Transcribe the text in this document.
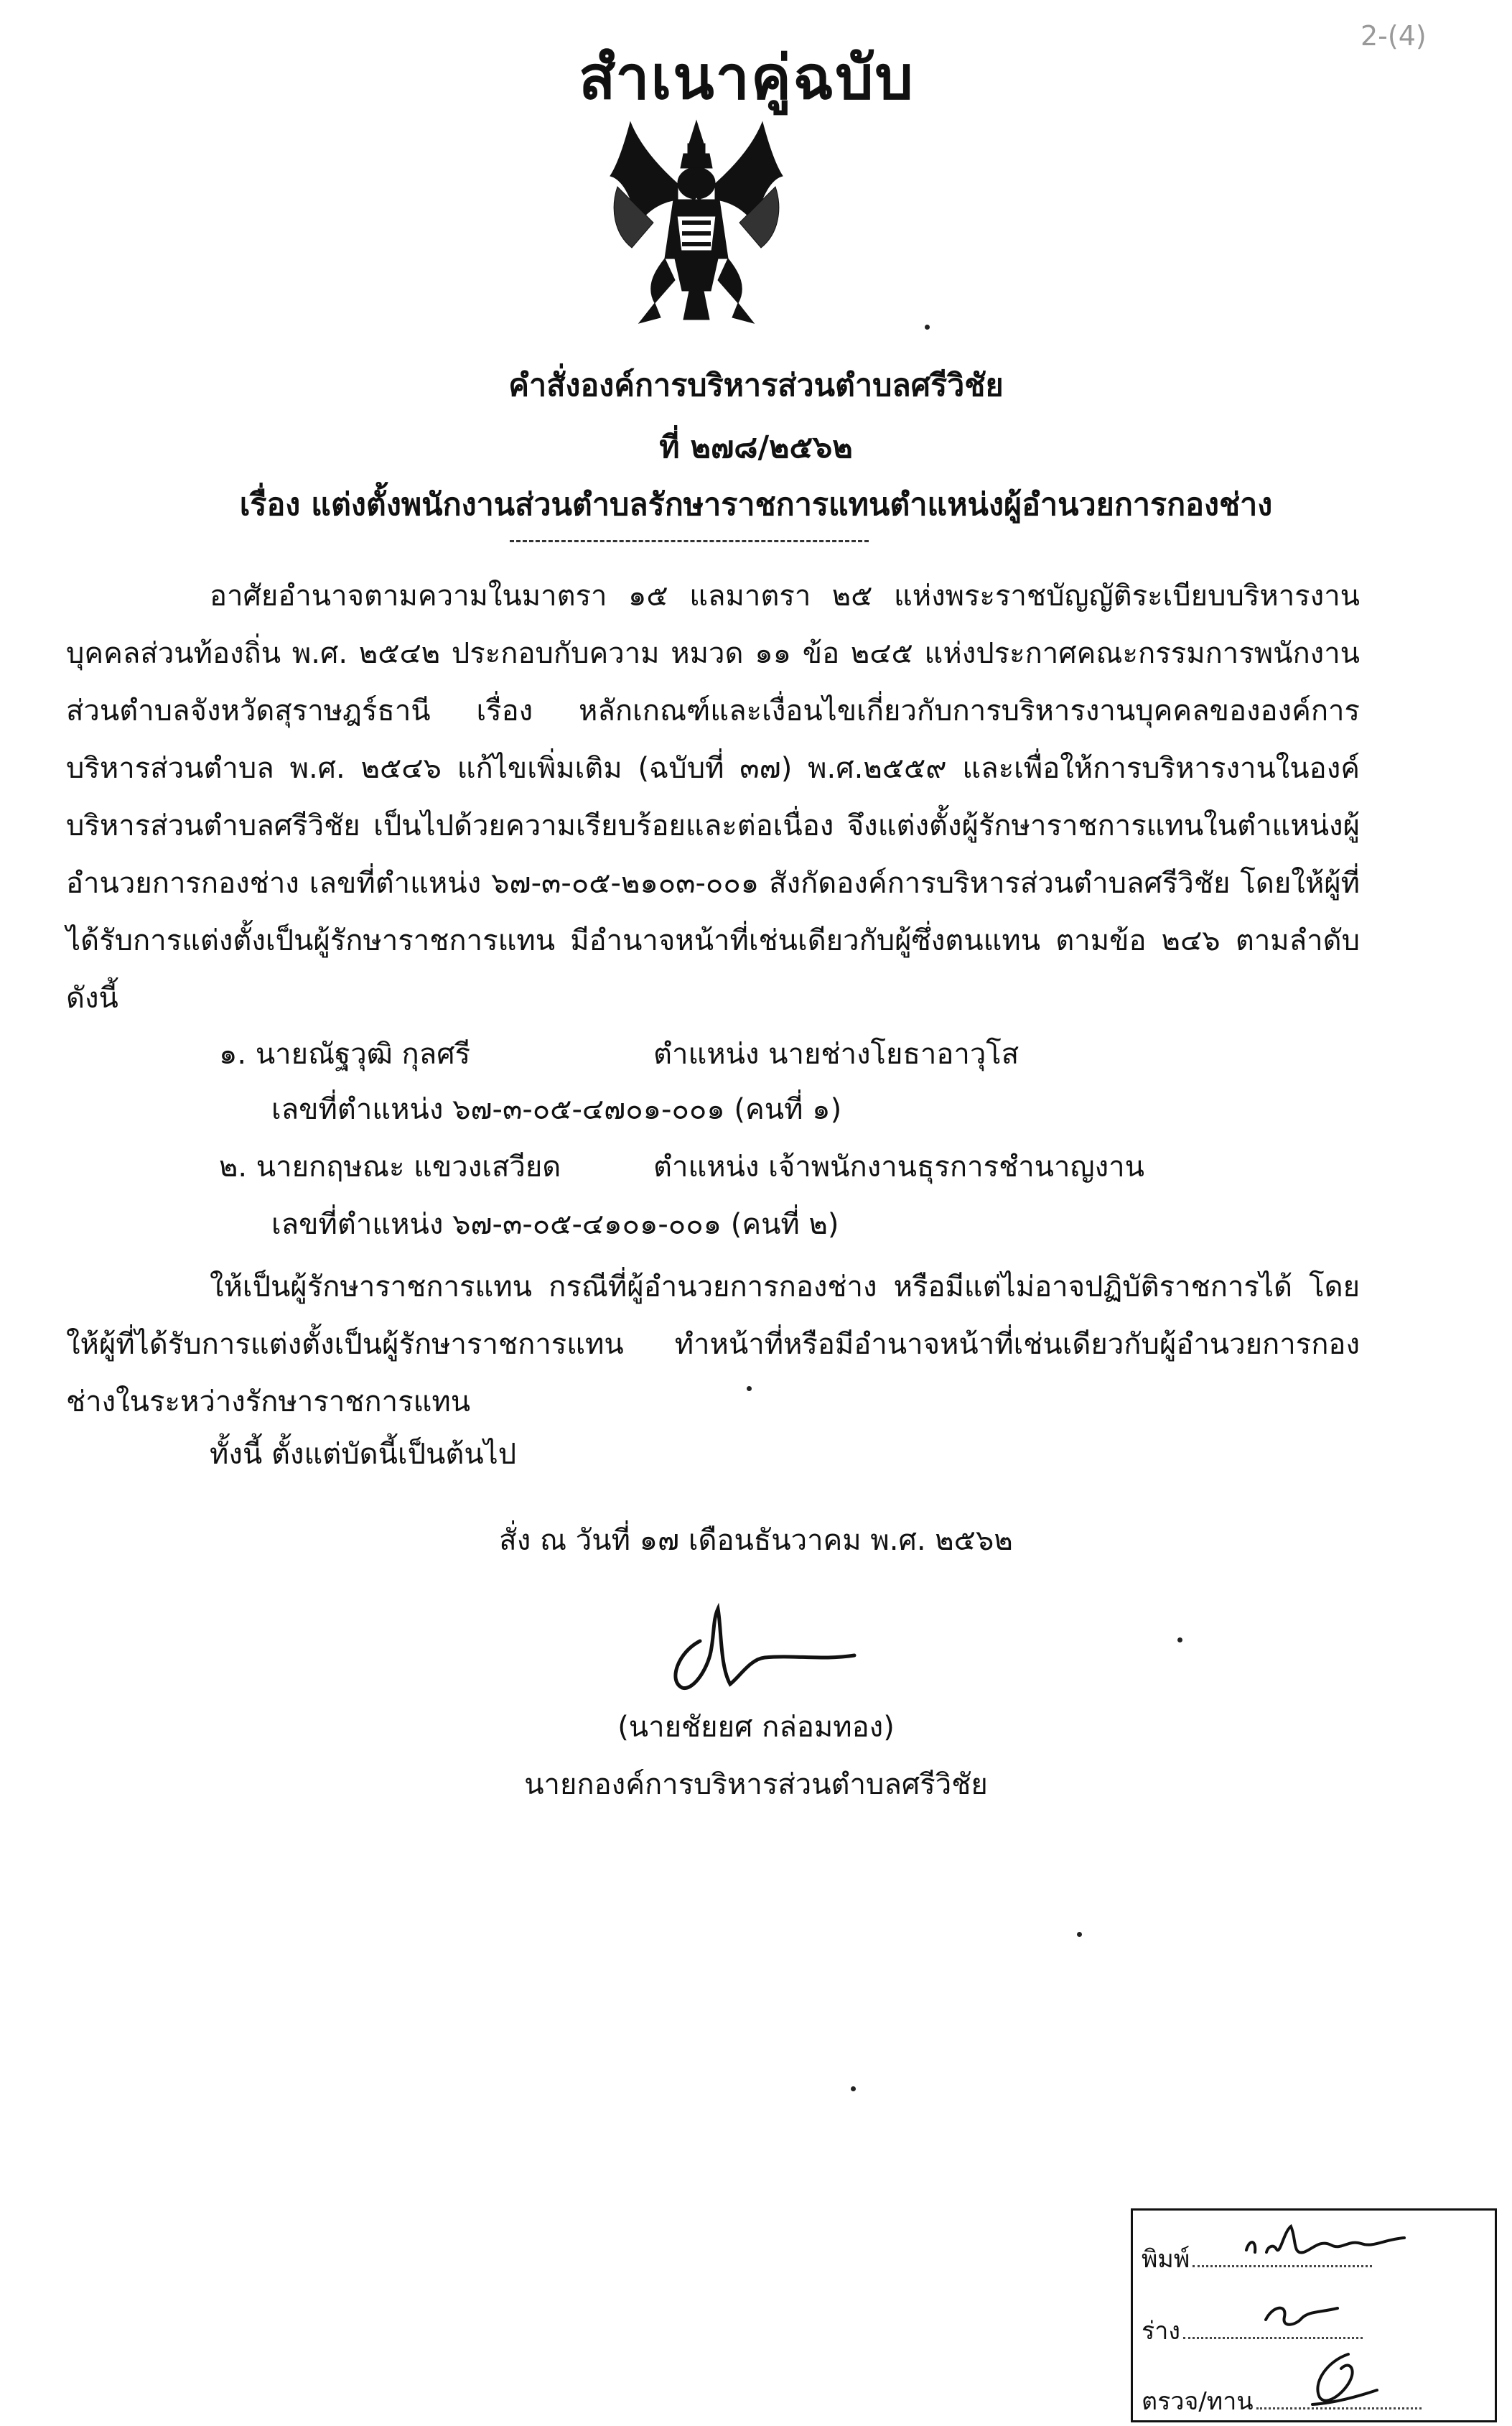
สำเนาคู่ฉบับ
2-(4)
คำสั่งองค์การบริหารส่วนตำบลศรีวิชัย
ที่ ๒๗๘/๒๕๖๒
เรื่อง แต่งตั้งพนักงานส่วนตำบลรักษาราชการแทนตำแหน่งผู้อำนวยการกองช่าง
อาศัยอำนาจตามความในมาตรา ๑๕ แลมาตรา ๒๕ แห่งพระราชบัญญัติระเบียบบริหารงานบุคคลส่วนท้องถิ่น พ.ศ. ๒๕๔๒ ประกอบกับความ หมวด ๑๑ ข้อ ๒๔๕ แห่งประกาศคณะกรรมการพนักงานส่วนตำบลจังหวัดสุราษฎร์ธานี เรื่อง หลักเกณฑ์และเงื่อนไขเกี่ยวกับการบริหารงานบุคคลขององค์การบริหารส่วนตำบล พ.ศ. ๒๕๔๖ แก้ไขเพิ่มเติม (ฉบับที่ ๓๗) พ.ศ.๒๕๕๙ และเพื่อให้การบริหารงานในองค์บริหารส่วนตำบลศรีวิชัย เป็นไปด้วยความเรียบร้อยและต่อเนื่อง จึงแต่งตั้งผู้รักษาราชการแทนในตำแหน่งผู้อำนวยการกองช่าง เลขที่ตำแหน่ง ๖๗-๓-๐๕-๒๑๐๓-๐๐๑ สังกัดองค์การบริหารส่วนตำบลศรีวิชัย โดยให้ผู้ที่ได้รับการแต่งตั้งเป็นผู้รักษาราชการแทน มีอำนาจหน้าที่เช่นเดียวกับผู้ซึ่งตนแทน ตามข้อ ๒๔๖ ตามลำดับดังนี้
๑. นายณัฐวุฒิ กุลศรี	ตำแหน่ง นายช่างโยธาอาวุโส
เลขที่ตำแหน่ง ๖๗-๓-๐๕-๔๗๐๑-๐๐๑ (คนที่ ๑)
๒. นายกฤษณะ แขวงเสวียด	ตำแหน่ง เจ้าพนักงานธุรการชำนาญงาน
เลขที่ตำแหน่ง ๖๗-๓-๐๕-๔๑๐๑-๐๐๑ (คนที่ ๒)
ให้เป็นผู้รักษาราชการแทน กรณีที่ผู้อำนวยการกองช่าง หรือมีแต่ไม่อาจปฏิบัติราชการได้ โดยให้ผู้ที่ได้รับการแต่งตั้งเป็นผู้รักษาราชการแทน ทำหน้าที่หรือมีอำนาจหน้าที่เช่นเดียวกับผู้อำนวยการกองช่างในระหว่างรักษาราชการแทน
ทั้งนี้ ตั้งแต่บัดนี้เป็นต้นไป
สั่ง ณ วันที่ ๑๗ เดือนธันวาคม พ.ศ. ๒๕๖๒
(นายชัยยศ กล่อมทอง)
นายกองค์การบริหารส่วนตำบลศรีวิชัย
พิมพ์
ร่าง
ตรวจ/ทาน
